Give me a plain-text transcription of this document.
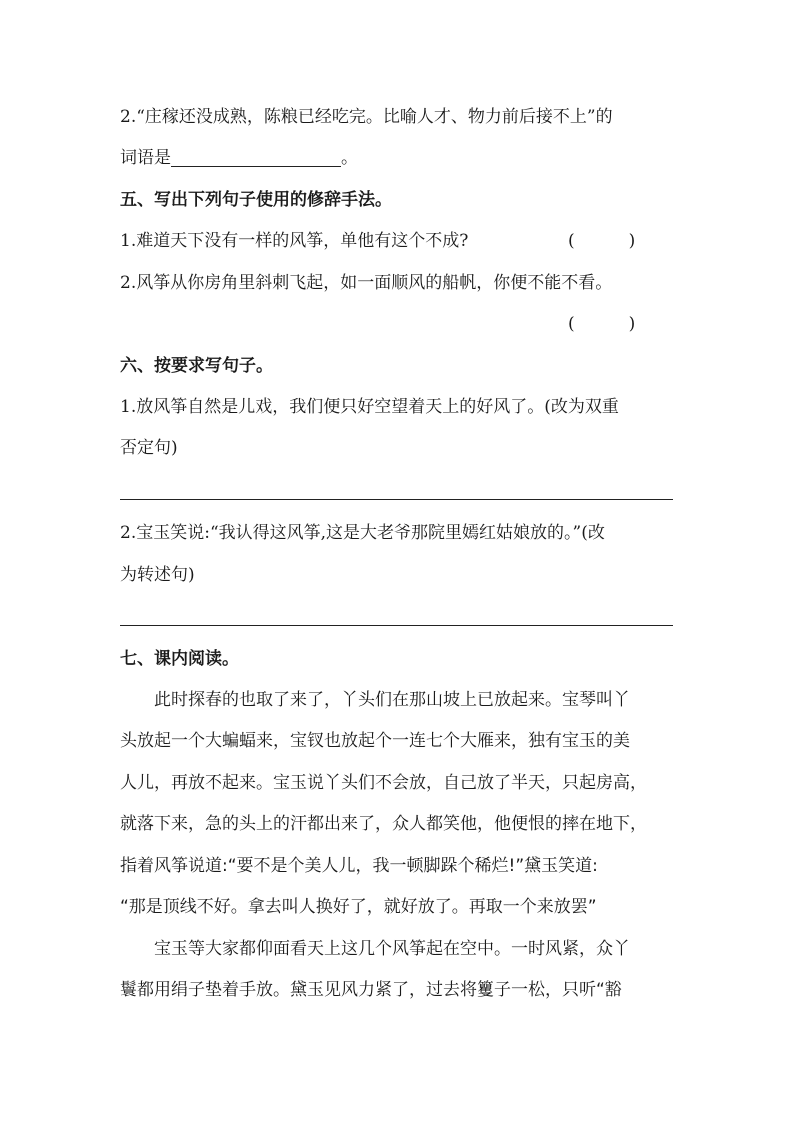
2.“庄稼还没成熟，陈粮已经吃完。比喻人才、物力前后接不上”的
词语是	。
五、写出下列句子使用的修辞手法。
1.难道天下没有一样的风筝，单他有这个不成?	(          )
2.风筝从你房角里斜刺飞起，如一面顺风的船帆，你便不能不看。
(          )
六、按要求写句子。
1.放风筝自然是儿戏，我们便只好空望着天上的好风了。(改为双重
否定句)
2.宝玉笑说:“我认得这风筝,这是大老爷那院里嫣红姑娘放的。”(改
为转述句)
七、课内阅读。
此时探春的也取了来了，丫头们在那山坡上已放起来。宝琴叫丫
头放起一个大蝙蝠来，宝钗也放起个一连七个大雁来，独有宝玉的美
人儿，再放不起来。宝玉说丫头们不会放，自己放了半天，只起房高，
就落下来，急的头上的汗都出来了，众人都笑他，他便恨的摔在地下，
指着风筝说道:“要不是个美人儿，我一顿脚跺个稀烂!”黛玉笑道:
“那是顶线不好。拿去叫人换好了，就好放了。再取一个来放罢”
宝玉等大家都仰面看天上这几个风筝起在空中。一时风紧，众丫
鬟都用绢子垫着手放。黛玉见风力紧了，过去将籰子一松，只听“豁
